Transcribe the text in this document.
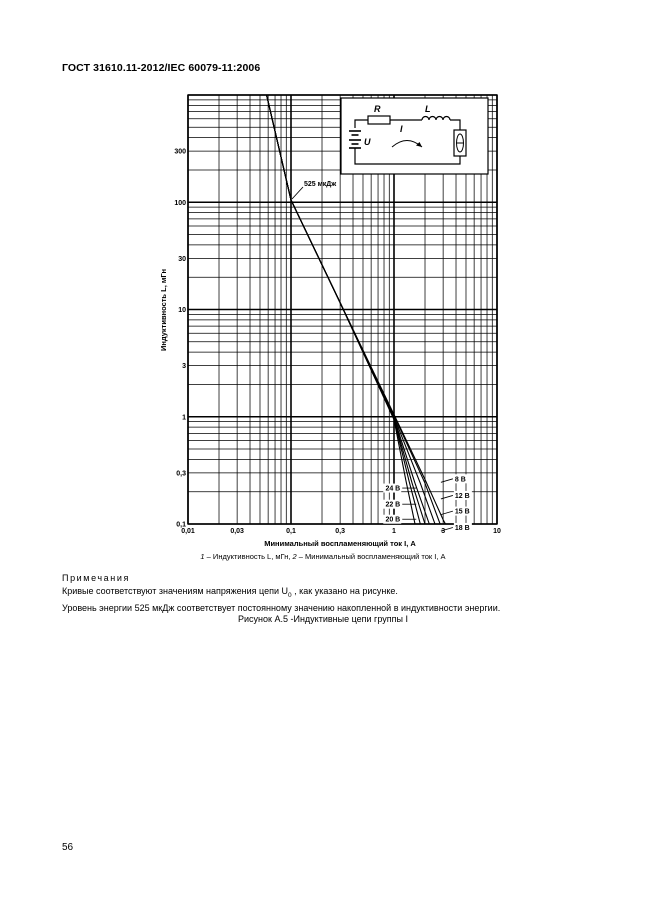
ГОСТ 31610.11-2012/IEC 60079-11:2006
0,01	0,03	0,1	0,3	1	3	10
0,1
0,3
1
3
10
30
100
300
8 В
12 В
15 В
18 В
20 В
22 В
24 В
R	L
I
U
525 мкДж
Минимальный воспламеняющий ток I, А
Индуктивность L, мГн
1 – Индуктивность L, мГн, 2 – Минимальный воспламеняющий ток I, А
Примечания
Кривые соответствуют значениям напряжения цепи $U_0$ , как указано на рисунке.
Уровень энергии 525 мкДж соответствует постоянному значению накопленной в индуктивности энергии.
Рисунок А.5 -Индуктивные цепи группы I
56
